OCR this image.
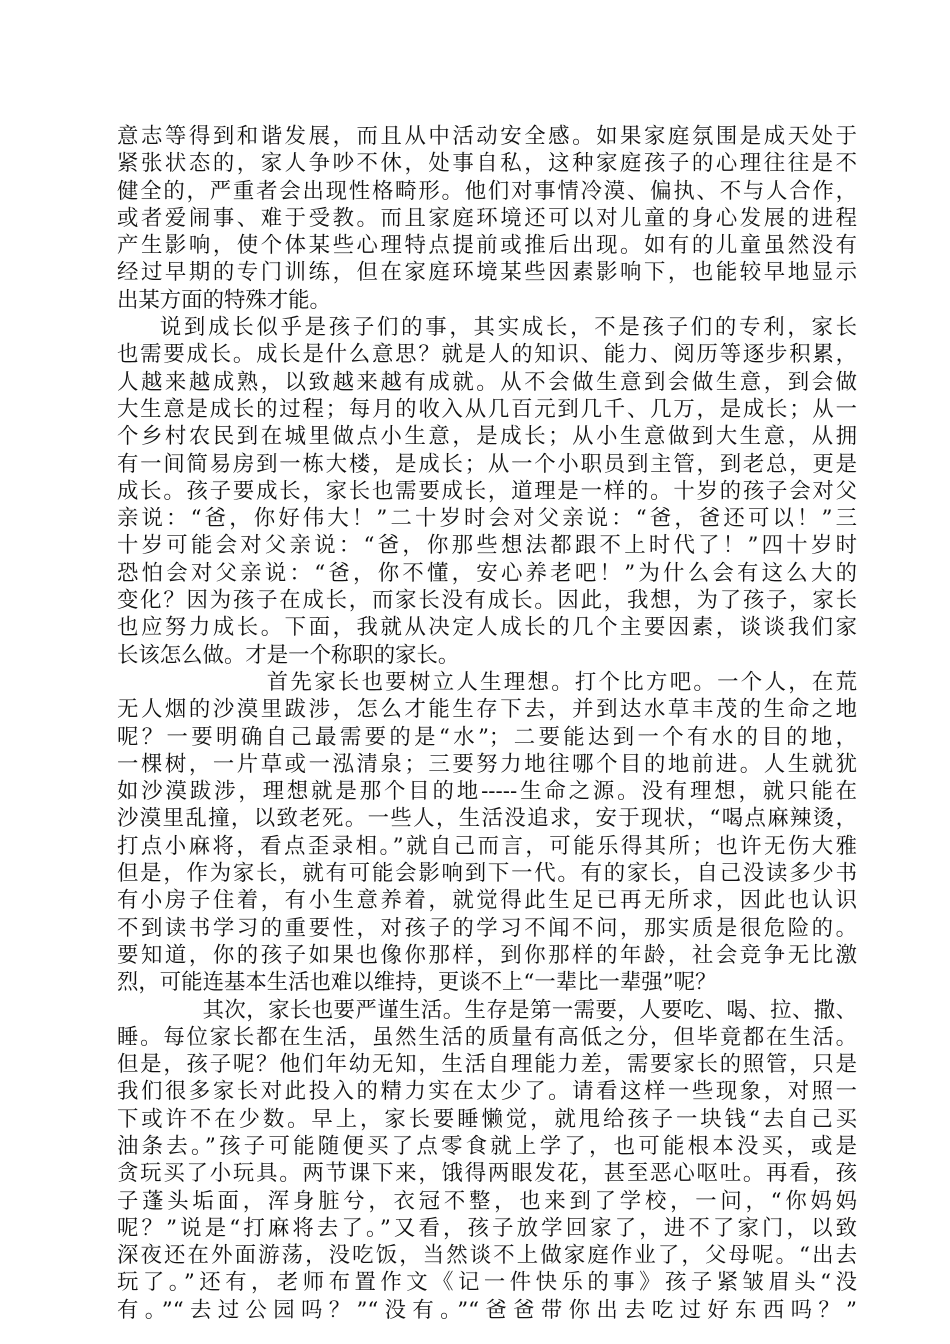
意志等得到和谐发展，而且从中活动安全感。如果家庭氛围是成天处于
紧张状态的，家人争吵不休，处事自私，这种家庭孩子的心理往往是不
健全的，严重者会出现性格畸形。他们对事情冷漠、偏执、不与人合作，
或者爱闹事、难于受教。而且家庭环境还可以对儿童的身心发展的进程
产生影响，使个体某些心理特点提前或推后出现。如有的儿童虽然没有
经过早期的专门训练，但在家庭环境某些因素影响下，也能较早地显示
出某方面的特殊才能。
说到成长似乎是孩子们的事，其实成长，不是孩子们的专利，家长
也需要成长。成长是什么意思？就是人的知识、能力、阅历等逐步积累，
人越来越成熟，以致越来越有成就。从不会做生意到会做生意，到会做
大生意是成长的过程；每月的收入从几百元到几千、几万，是成长；从一
个乡村农民到在城里做点小生意，是成长；从小生意做到大生意，从拥
有一间简易房到一栋大楼，是成长；从一个小职员到主管，到老总，更是
成长。孩子要成长，家长也需要成长，道理是一样的。十岁的孩子会对父
亲说：“爸，你好伟大！”二十岁时会对父亲说：“爸，爸还可以！”三
十岁可能会对父亲说：“爸，你那些想法都跟不上时代了！”四十岁时
恐怕会对父亲说：“爸，你不懂，安心养老吧！”为什么会有这么大的
变化？因为孩子在成长，而家长没有成长。因此，我想，为了孩子，家长
也应努力成长。下面，我就从决定人成长的几个主要因素，谈谈我们家
长该怎么做。才是一个称职的家长。
首先家长也要树立人生理想。打个比方吧。一个人，在荒
无人烟的沙漠里跋涉，怎么才能生存下去，并到达水草丰茂的生命之地
呢？一要明确自己最需要的是“水”；二要能达到一个有水的目的地，
一棵树，一片草或一泓清泉；三要努力地往哪个目的地前进。人生就犹
如沙漠跋涉，理想就是那个目的地-----生命之源。没有理想，就只能在
沙漠里乱撞，以致老死。一些人，生活没追求，安于现状，“喝点麻辣烫，
打点小麻将，看点歪录相。”就自己而言，可能乐得其所；也许无伤大雅
但是，作为家长，就有可能会影响到下一代。有的家长，自己没读多少书
有小房子住着，有小生意养着，就觉得此生足已再无所求，因此也认识
不到读书学习的重要性，对孩子的学习不闻不问，那实质是很危险的。
要知道，你的孩子如果也像你那样，到你那样的年龄，社会竞争无比激
烈，可能连基本生活也难以维持，更谈不上“一辈比一辈强”呢？
其次，家长也要严谨生活。生存是第一需要，人要吃、喝、拉、撒、
睡。每位家长都在生活，虽然生活的质量有高低之分，但毕竟都在生活。
但是，孩子呢？他们年幼无知，生活自理能力差，需要家长的照管，只是
我们很多家长对此投入的精力实在太少了。请看这样一些现象，对照一
下或许不在少数。早上，家长要睡懒觉，就甩给孩子一块钱“去自己买
油条去。”孩子可能随便买了点零食就上学了，也可能根本没买，或是
贪玩买了小玩具。两节课下来，饿得两眼发花，甚至恶心呕吐。再看，孩
子蓬头垢面，浑身脏兮，衣冠不整，也来到了学校，一问，“你妈妈
呢？”说是“打麻将去了。”又看，孩子放学回家了，进不了家门，以致
深夜还在外面游荡，没吃饭，当然谈不上做家庭作业了，父母呢。“出去
玩了。”还有，老师布置作文《记一件快乐的事》孩子紧皱眉头“没
有。”“去过公园吗？”“没有。”“爸爸带你出去吃过好东西吗？”
